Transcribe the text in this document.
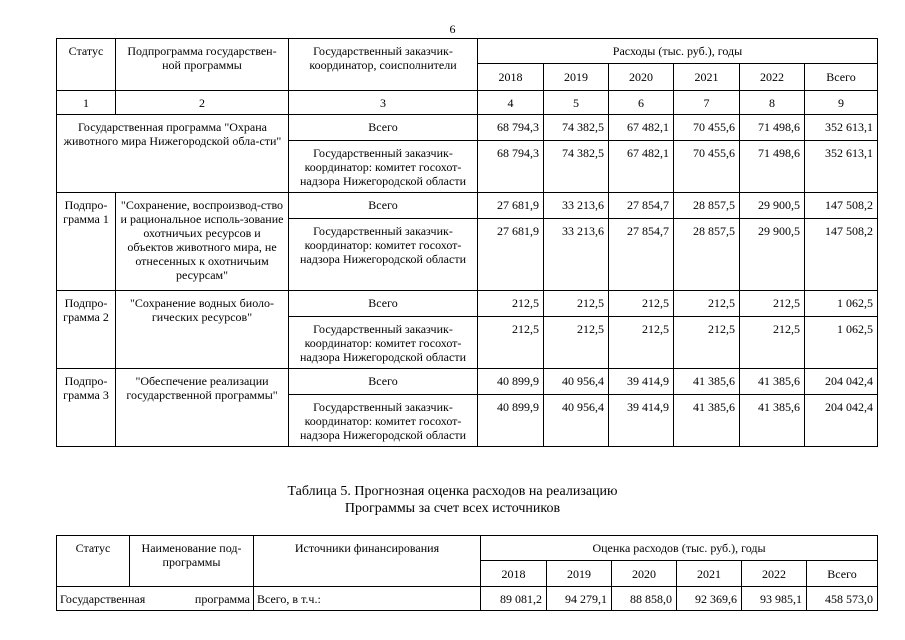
6
Статус	Подпрограмма государствен-ной программы	Государственный заказчик-координатор, соисполнители	Расходы (тыс. руб.), годы					
			2018	2019	2020	2021	2022	Всего
1	2	3	4	5	6	7	8	9
Государственная программа "Охрана животного мира Нижегородской обла-сти"		Всего	68 794,3	74 382,5	67 482,1	70 455,6	71 498,6	352 613,1
		Государственный заказчик-координатор: комитет госохот-надзора Нижегородской области	68 794,3	74 382,5	67 482,1	70 455,6	71 498,6	352 613,1
Подпро-грамма 1	"Сохранение, воспроизвод-ство и рациональное исполь-зование охотничьих ресурсов и объектов животного мира, не отнесенных к охотничьим ресурсам"	Всего	27 681,9	33 213,6	27 854,7	28 857,5	29 900,5	147 508,2
		Государственный заказчик-координатор: комитет госохот-надзора Нижегородской области	27 681,9	33 213,6	27 854,7	28 857,5	29 900,5	147 508,2
Подпро-грамма 2	"Сохранение водных биоло-гических ресурсов"	Всего	212,5	212,5	212,5	212,5	212,5	1 062,5
		Государственный заказчик-координатор: комитет госохот-надзора Нижегородской области	212,5	212,5	212,5	212,5	212,5	1 062,5
Подпро-грамма 3	"Обеспечение реализации государственной программы"	Всего	40 899,9	40 956,4	39 414,9	41 385,6	41 385,6	204 042,4
		Государственный заказчик-координатор: комитет госохот-надзора Нижегородской области	40 899,9	40 956,4	39 414,9	41 385,6	41 385,6	204 042,4
Таблица 5. Прогнозная оценка расходов на реализацию
Программы за счет всех источников
Статус	Наименование под-программы	Источники финансирования	Оценка расходов (тыс. руб.), годы					
			2018	2019	2020	2021	2022	Всего

Государственная программа		Всего, в т.ч.:	89 081,2	94 279,1	88 858,0	92 369,6	93 985,1	458 573,0
